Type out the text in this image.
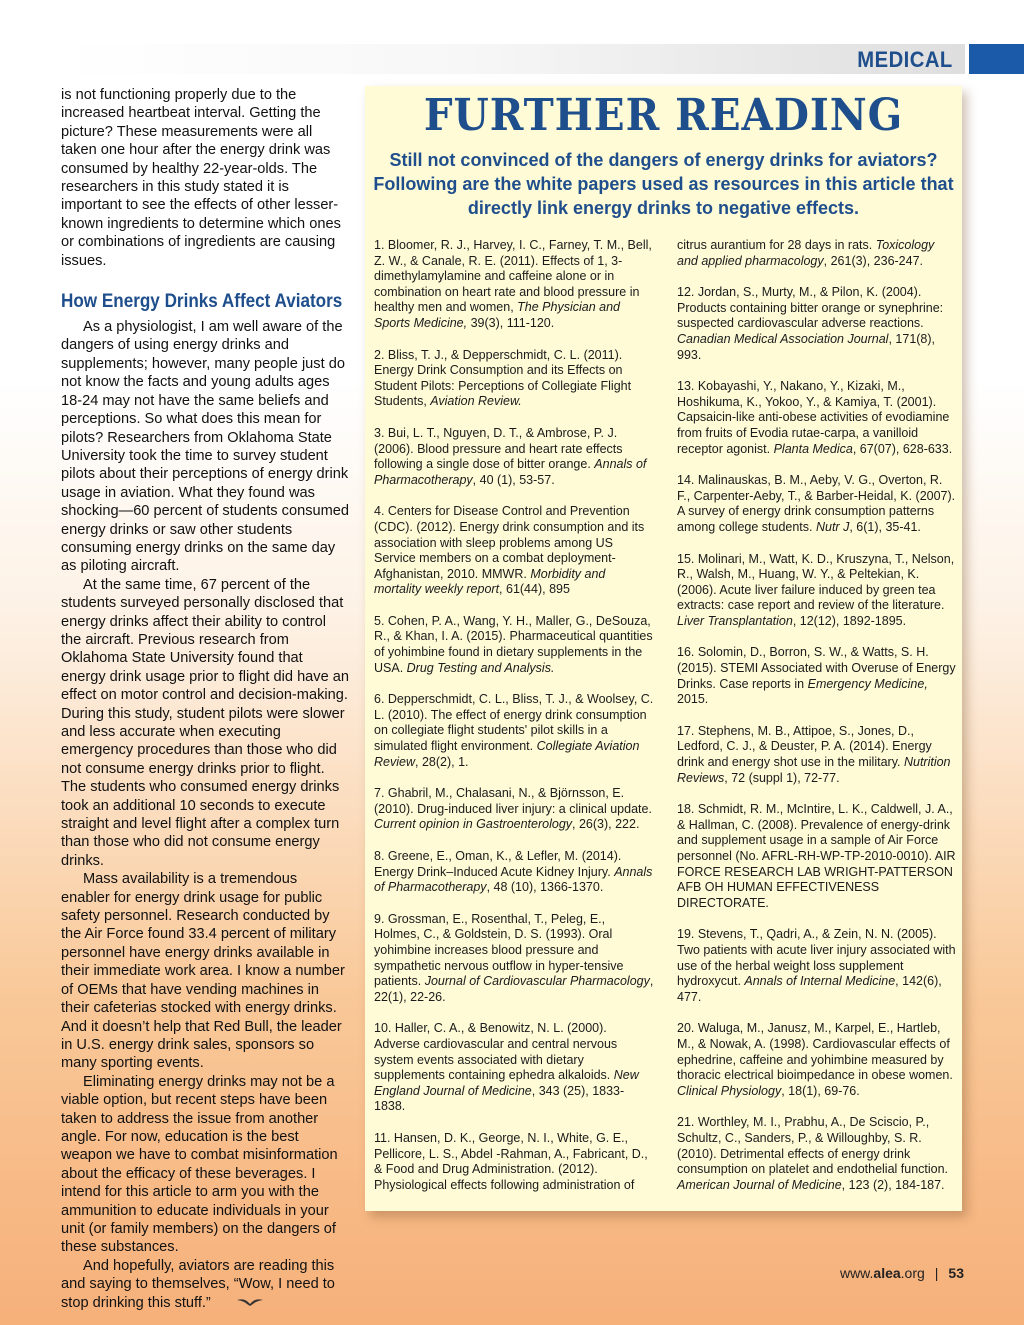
MEDICAL

is not functioning properly due to the increased heartbeat interval. Getting the picture? These measurements were all taken one hour after the energy drink was consumed by healthy 22-year-olds. The researchers in this study stated it is important to see the effects of other lesser-known ingredients to determine which ones or combinations of ingredients are causing issues.

How Energy Drinks Affect Aviators

As a physiologist, I am well aware of the dangers of using energy drinks and supplements; however, many people just do not know the facts and young adults ages 18-24 may not have the same beliefs and perceptions. So what does this mean for pilots? Researchers from Oklahoma State University took the time to survey student pilots about their perceptions of energy drink usage in aviation. What they found was shocking—60 percent of students consumed energy drinks or saw other students consuming energy drinks on the same day as piloting aircraft.

At the same time, 67 percent of the students surveyed personally disclosed that energy drinks affect their ability to control the aircraft. Previous research from Oklahoma State University found that energy drink usage prior to flight did have an effect on motor control and decision-making. During this study, student pilots were slower and less accurate when executing emergency procedures than those who did not consume energy drinks prior to flight. The students who consumed energy drinks took an additional 10 seconds to execute straight and level flight after a complex turn than those who did not consume energy drinks.

Mass availability is a tremendous enabler for energy drink usage for public safety personnel. Research conducted by the Air Force found 33.4 percent of military personnel have energy drinks available in their immediate work area. I know a number of OEMs that have vending machines in their cafeterias stocked with energy drinks. And it doesn’t help that Red Bull, the leader in U.S. energy drink sales, sponsors so many sporting events.

Eliminating energy drinks may not be a viable option, but recent steps have been taken to address the issue from another angle. For now, education is the best weapon we have to combat misinformation about the efficacy of these beverages. I intend for this article to arm you with the ammunition to educate individuals in your unit (or family members) on the dangers of these substances.

And hopefully, aviators are reading this and saying to themselves, “Wow, I need to stop drinking this stuff.”

FURTHER READING
Still not convinced of the dangers of energy drinks for aviators? Following are the white papers used as resources in this article that directly link energy drinks to negative effects.
1. Bloomer, R. J., Harvey, I. C., Farney, T. M., Bell, Z. W., & Canale, R. E. (2011). Effects of 1, 3-dimethylamylamine and caffeine alone or in combination on heart rate and blood pressure in healthy men and women, The Physician and Sports Medicine, 39(3), 111-120.
2. Bliss, T. J., & Depperschmidt, C. L. (2011). Energy Drink Consumption and its Effects on Student Pilots: Perceptions of Collegiate Flight Students, Aviation Review.
3. Bui, L. T., Nguyen, D. T., & Ambrose, P. J. (2006). Blood pressure and heart rate effects following a single dose of bitter orange. Annals of Pharmacotherapy, 40 (1), 53-57.
4. Centers for Disease Control and Prevention (CDC). (2012). Energy drink consumption and its association with sleep problems among US Service members on a combat deployment-Afghanistan, 2010. MMWR. Morbidity and mortality weekly report, 61(44), 895
5. Cohen, P. A., Wang, Y. H., Maller, G., DeSouza, R., & Khan, I. A. (2015). Pharmaceutical quantities of yohimbine found in dietary supplements in the USA. Drug Testing and Analysis.
6. Depperschmidt, C. L., Bliss, T. J., & Woolsey, C. L. (2010). The effect of energy drink consumption on collegiate flight students' pilot skills in a simulated flight environment. Collegiate Aviation Review, 28(2), 1.
7. Ghabril, M., Chalasani, N., & Björnsson, E. (2010). Drug-induced liver injury: a clinical update. Current opinion in Gastroenterology, 26(3), 222.
8. Greene, E., Oman, K., & Lefler, M. (2014). Energy Drink–Induced Acute Kidney Injury. Annals of Pharmacotherapy, 48 (10), 1366-1370.
9. Grossman, E., Rosenthal, T., Peleg, E., Holmes, C., & Goldstein, D. S. (1993). Oral yohimbine increases blood pressure and sympathetic nervous outflow in hyper-tensive patients. Journal of Cardiovascular Pharmacology, 22(1), 22-26.
10. Haller, C. A., & Benowitz, N. L. (2000). Adverse cardiovascular and central nervous system events associated with dietary supplements containing ephedra alkaloids. New England Journal of Medicine, 343 (25), 1833-1838.
11. Hansen, D. K., George, N. I., White, G. E., Pellicore, L. S., Abdel -Rahman, A., Fabricant, D., & Food and Drug Administration. (2012). Physiological effects following administration of
citrus aurantium for 28 days in rats. Toxicology and applied pharmacology, 261(3), 236-247.
12. Jordan, S., Murty, M., & Pilon, K. (2004). Products containing bitter orange or synephrine: suspected cardiovascular adverse reactions. Canadian Medical Association Journal, 171(8), 993.
13. Kobayashi, Y., Nakano, Y., Kizaki, M., Hoshikuma, K., Yokoo, Y., & Kamiya, T. (2001). Capsaicin-like anti-obese activities of evodiamine from fruits of Evodia rutae-carpa, a vanilloid receptor agonist. Planta Medica, 67(07), 628-633.
14. Malinauskas, B. M., Aeby, V. G., Overton, R. F., Carpenter-Aeby, T., & Barber-Heidal, K. (2007). A survey of energy drink consumption patterns among college students. Nutr J, 6(1), 35-41.
15. Molinari, M., Watt, K. D., Kruszyna, T., Nelson, R., Walsh, M., Huang, W. Y., & Peltekian, K. (2006). Acute liver failure induced by green tea extracts: case report and review of the literature. Liver Transplantation, 12(12), 1892-1895.
16. Solomin, D., Borron, S. W., & Watts, S. H. (2015). STEMI Associated with Overuse of Energy Drinks. Case reports in Emergency Medicine, 2015.
17. Stephens, M. B., Attipoe, S., Jones, D., Ledford, C. J., & Deuster, P. A. (2014). Energy drink and energy shot use in the military. Nutrition Reviews, 72 (suppl 1), 72-77.
18. Schmidt, R. M., McIntire, L. K., Caldwell, J. A., & Hallman, C. (2008). Prevalence of energy-drink and supplement usage in a sample of Air Force personnel (No. AFRL-RH-WP-TP-2010-0010). AIR FORCE RESEARCH LAB WRIGHT-PATTERSON AFB OH HUMAN EFFECTIVENESS DIRECTORATE.
19. Stevens, T., Qadri, A., & Zein, N. N. (2005). Two patients with acute liver injury associated with use of the herbal weight loss supplement hydroxycut. Annals of Internal Medicine, 142(6), 477.
20. Waluga, M., Janusz, M., Karpel, E., Hartleb, M., & Nowak, A. (1998). Cardiovascular effects of ephedrine, caffeine and yohimbine measured by thoracic electrical bioimpedance in obese women. Clinical Physiology, 18(1), 69-76.
21. Worthley, M. I., Prabhu, A., De Sciscio, P., Schultz, C., Sanders, P., & Willoughby, S. R. (2010). Detrimental effects of energy drink consumption on platelet and endothelial function. American Journal of Medicine, 123 (2), 184-187.
www.alea.org | 53
